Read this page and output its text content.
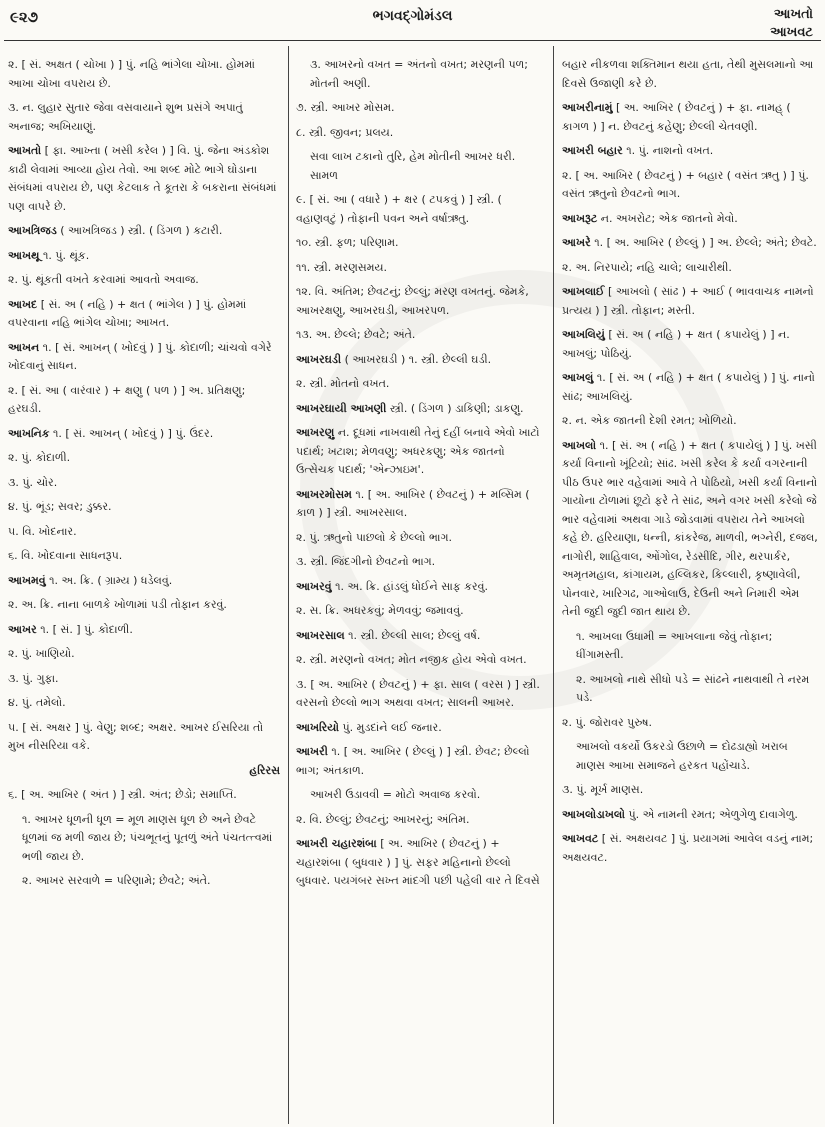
૯૨૭	ભગવદ્ગોમંડલ	આખતો
આખવટ

૨. [ સં. અક્ષત ( ચોખા ) ] પું. નહિ ભાંગેલા ચોખા. હોમમાં આખા ચોખા વપરાય છે.

૩. ન. લુહાર સુતાર જેવા વસવાયાને શુભ પ્રસંગે અપાતું અનાજ; અખિયાણું.

આખતો [ ફા. આખ્તા ( ખસી કરેલ ) ] વિ. પું. જેના અંડકોશ કાઢી લેવામાં આવ્યા હોય તેવો. આ શબ્દ મોટે ભાગે ઘોડાના સંબંધમાં વપરાય છે, પણ કેટલાક તે કૂતરા કે બકરાના સંબંધમાં પણ વાપરે છે.

આખત્રિજડ ( આખત્રિજડ ) સ્ત્રી. ( ડિંગળ ) કટારી.

આખથૂ ૧. પું. થૂંક.

૨. પું. થૂંકતી વખતે કરવામાં આવતો અવાજ.

આખદ [ સં. અ ( નહિ ) + ક્ષત ( ભાંગેલ ) ] પું. હોમમાં વપરવાના નહિ ભાંગેલ ચોખા; આખત.

આખન ૧. [ સં. આખન્ ( ખોદવું ) ] પું. કોદાળી; ચાંચવો વગેરે ખોદવાનું સાધન.

૨. [ સં. આ ( વારંવાર ) + ક્ષણુ ( પળ ) ] અ. પ્રતિક્ષણુ; હરઘડી.

આખનિક ૧. [ સં. આખન્ ( ખોદવું ) ] પું. ઉંદર.

૨. પું. કોદાળી.

૩. પું. ચોર.

૪. પું. ભૂંડ; સવર; ડુક્કર.

૫. વિ. ખોદનાર.

૬. વિ. ખોદવાના સાધનરૂપ.

આખમવું ૧. અ. ક્રિ. ( ગ્રામ્ય ) ધડેલવું.

૨. અ. ક્રિ. નાના બાળકે ખોળામાં પડી તોફાન કરવું.

આખર ૧. [ સં. ] પું. કોદાળી.

૨. પું. ખાણિયો.

૩. પું. ગુફા.

૪. પું. તમેલો.

૫. [ સં. અક્ષર ] પું. વેણુ; શબ્દ; અક્ષર. આખર ઈસરિયા તો મુખ નીસરિયા વકે.

હરિરસ

૬. [ અ. આખિર ( અંત ) ] સ્ત્રી. અંત; છેડો; સમાપ્તિ.

૧. આખર ધૂળની ધૂળ = મૂળ માણસ ધૂળ છે અને છેવટે ધૂળમાં જ મળી જાય છે; પંચભૂતનું પૂતળું અંતે પંચતત્ત્વમાં ભળી જાય છે.

૨. આખર સરવાળે = પરિણામે; છેવટે; અંતે.

૩. આખરનો વખત = અંતનો વખત; મરણની પળ; મોતની અણી.

૭. સ્ત્રી. આખર મોસમ.

૮. સ્ત્રી. જીવન; પ્રલય.

સવા લાખ ટકાનો તુરિ, હેમ મોતીની આખર ધરી. સામળ

૯. [ સં. આ ( વધારે ) + ક્ષર ( ટપકવું ) ] સ્ત્રી. ( વહાણવટું ) તોફાની પવન અને વર્ષાઋતુ.

૧૦. સ્ત્રી. ફળ; પરિણામ.

૧૧. સ્ત્રી. મરણસમય.

૧૨. વિ. અંતિમ; છેવટનું; છેલ્લું; મરણ વખતનું. જેમકે, આખરક્ષણુ, આખરઘડી, આખરપળ.

૧૩. અ. છેલ્લે; છેવટે; અંતે.

આખરઘડી ( આખરઘડી ) ૧. સ્ત્રી. છેલ્લી ઘડી.

૨. સ્ત્રી. મોતનો વખત.

આખરઘાયી આખણી સ્ત્રી. ( ડિંગળ ) ડાકિણી; ડાકણુ.

આખરણુ ન. દૂધમાં નાખવાથી તેનું દહીં બનાવે એવો ખાટો પદાર્થ; ખટાશ; મેળવણુ; અધરકણુ; એક જાતનો ઉત્સેચક પદાર્થ; 'એન્ઝાઇમ'.

આખરમોસમ ૧. [ અ. આખિર ( છેવટનું ) + મવ્સિમ ( કાળ ) ] સ્ત્રી. આખરસાલ.

૨. પું. ઋતુનો પાછલો કે છેલ્લો ભાગ.

૩. સ્ત્રી. જિંદગીનો છેવટનો ભાગ.

આખરવું ૧. અ. ક્રિ. હાંડલું ધોઈને સાફ કરવું.

૨. સ. ક્રિ. અધરકવું; મેળવવું; જમાવવું.

આખરસાલ ૧. સ્ત્રી. છેલ્લી સાલ; છેલ્લું વર્ષ.

૨. સ્ત્રી. મરણનો વખત; મોત નજીક હોય એવો વખત.

૩. [ અ. આખિર ( છેવટનું ) + ફા. સાલ ( વરસ ) ] સ્ત્રી. વરસનો છેલ્લો ભાગ અથવા વખત; સાલની આખર.

આખરિયો પું. મુડદાંને લઈ જનાર.

આખરી ૧. [ અ. આખિર ( છેલ્લું ) ] સ્ત્રી. છેવટ; છેલ્લો ભાગ; અંતકાળ.

આખરી ઉડાવવી = મોટો અવાજ કરવો.

૨. વિ. છેલ્લું; છેવટનું; આખરનું; અંતિમ.

આખરી ચહારશંબા [ અ. આખિર ( છેવટનું ) + ચહારશંબા ( બુધવાર ) ] પું. સફર મહિનાનો છેલ્લો બુધવાર. પયગંબર સખ્ત માંદગી પછી પહેલી વાર તે દિવસે

બહાર નીકળવા શક્તિમાન થયા હતા, તેથી મુસલમાનો આ દિવસે ઉજાણી કરે છે.

આખરીનામું [ અ. આખિર ( છેવટનું ) + ફા. નામહ્ ( કાગળ ) ] ન. છેવટનું કહેણુ; છેલ્લી ચેતવણી.

આખરી બહાર ૧. પું. નાશનો વખત.

૨. [ અ. આખિર ( છેવટનું ) + બહાર ( વસંત ઋતુ ) ] પું. વસંત ઋતુનો છેવટનો ભાગ.

આખરૂટ ન. અખરોટ; એક જાતનો મેવો.

આખરે ૧. [ અ. આખિર ( છેલ્લું ) ] અ. છેલ્લે; અંતે; છેવટે.

૨. અ. નિરપાયે; નહિ ચાલે; લાચારીથી.

આખલાઈ [ આખલો ( સાંઢ ) + આઈ ( ભાવવાચક નામનો પ્રત્યય ) ] સ્ત્રી. તોફાન; મસ્તી.

આખલિયું [ સં. અ ( નહિ ) + ક્ષત ( કપાયેલું ) ] ન. આખલું; પોઠિયું.

આખલું ૧. [ સં. અ ( નહિ ) + ક્ષત ( કપાયેલું ) ] પું. નાનો સાંઢ; આખલિયું.

૨. ન. એક જાતની દેશી રમત; ખોળિયો.

આખલો ૧. [ સં. અ ( નહિ ) + ક્ષત ( કપાયેલું ) ] પું. ખસી કર્યા વિનાનો ખૂંટિયો; સાંઢ. ખસી કરેલ કે કર્યા વગરનાની પીઠ ઉપર ભાર વહેવામાં આવે તે પોઠિયો, ખસી કર્યા વિનાનો ગાયોના ટોળામાં છૂટો ફરે તે સાંઢ, અને વગર ખસી કરેલો જે ભાર વહેવામાં અથવા ગાડે જોડવામાં વપરાય તેને આખલો કહે છે. હરિયાણા, ધન્ની, કાંકરેજ, માળવી, ભગ્નેરી, દજલ, નાગોરી, શાહિવાલ, ઓંગોલ, રેડસીંદિ, ગીર, થરપાર્કર, અમૃતમહાલ, કાંગાયમ, હલ્લિકર, કિલ્લારી, કૃષ્ણાવેલી, પોનવાર, ખારિગઢ, ગાઓલાઉ, દેઉની અને નિમારી એમ તેની જુદી જુદી જાત થાય છે.

૧. આખલા ઉધામી = આખલાના જેવું તોફાન; ધીંગામસ્તી.

૨. આખલો નાથે સીધો પડે = સાંઢને નાથવાથી તે નરમ પડે.

૨. પું. જોરાવર પુરુષ.

આખલો વકર્યો ઉકરડો ઉછાળે = દોઢડાહ્યો ખરાબ માણસ આખા સમાજને હરકત પહોંચાડે.

૩. પું. મૂર્ખ માણસ.

આખલોડાખલો પું. એ નામની રમત; એળુગેળુ દાવાગેળુ.

આખવટ [ સં. અક્ષયવટ ] પું. પ્રયાગમાં આવેલ વડનું નામ; અક્ષયવટ.
